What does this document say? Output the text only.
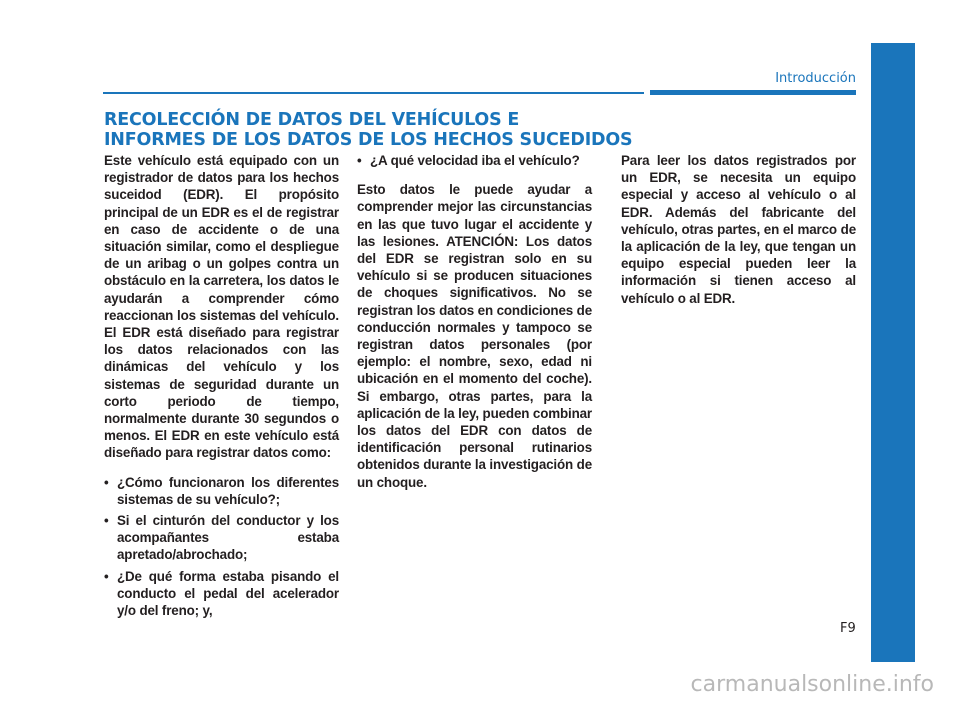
Introducción
RECOLECCIÓN DE DATOS DEL VEHÍCULOS E
INFORMES DE LOS DATOS DE LOS HECHOS SUCEDIDOS

Este vehículo está equipado con un registrador de datos para los hechos suceidod (EDR). El propósito principal de un EDR es el de registrar en caso de accidente o de una situación similar, como el despliegue de un aribag o un golpes contra un obstáculo en la carretera, los datos le ayudarán a comprender cómo reaccionan los sistemas del vehículo. El EDR está diseñado para registrar los datos relacionados con las dinámicas del vehículo y los sistemas de seguridad durante un corto periodo de tiempo, normalmente durante 30 segundos o menos. El EDR en este vehículo está diseñado para registrar datos como:

• ¿Cómo funcionaron los diferentes sistemas de su vehículo?;
• Si el cinturón del conductor y los acompañantes estaba apretado/abrochado;
• ¿De qué forma estaba pisando el conducto el pedal del acelerador y/o del freno; y,
• ¿A qué velocidad iba el vehículo?

Esto datos le puede ayudar a comprender mejor las circunstancias en las que tuvo lugar el accidente y las lesiones. ATENCIÓN: Los datos del EDR se registran solo en su vehículo si se producen situaciones de choques significativos. No se registran los datos en condiciones de conducción normales y tampoco se registran datos personales (por ejemplo: el nombre, sexo, edad ni ubicación en el momento del coche). Si embargo, otras partes, para la aplicación de la ley, pueden combinar los datos del EDR con datos de identificación personal rutinarios obtenidos durante la investigación de un choque.

Para leer los datos registrados por un EDR, se necesita un equipo especial y acceso al vehículo o al EDR. Además del fabricante del vehículo, otras partes, en el marco de la aplicación de la ley, que tengan un equipo especial pueden leer la información si tienen acceso al vehículo o al EDR.

F9
carmanualsonline.info
